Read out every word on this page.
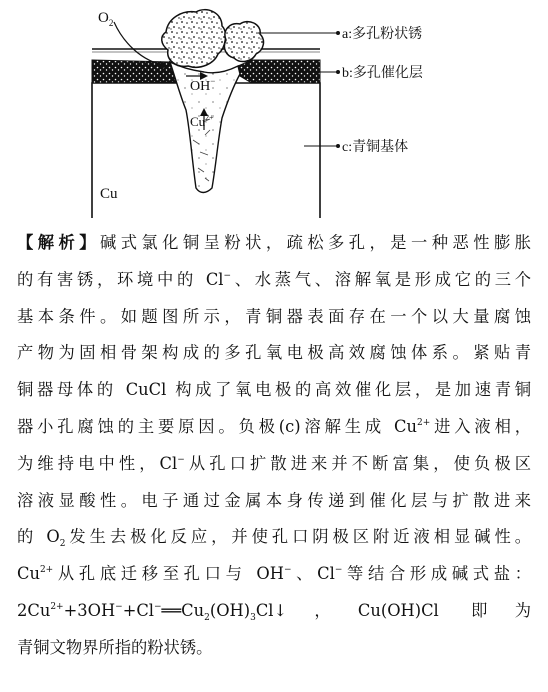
$O_2$
OH−
$Cu^{2+}$
Cu
a:多孔粉状锈
b:多孔催化层
c:青铜基体
【解析】碱式氯化铜呈粉状，疏松多孔，是一种恶性膨胀
的有害锈，环境中的 Cl−、水蒸气、溶解氧是形成它的三个
基本条件。如题图所示，青铜器表面存在一个以大量腐蚀
产物为固相骨架构成的多孔氧电极高效腐蚀体系。紧贴青
铜器母体的 CuCl 构成了氧电极的高效催化层，是加速青铜
器小孔腐蚀的主要原因。负极(c)溶解生成 $Cu^{2+}$进入液相，
为维持电中性，Cl−从孔口扩散进来并不断富集，使负极区
溶液显酸性。电子通过金属本身传递到催化层与扩散进来
的 $O_2$发生去极化反应，并使孔口阴极区附近液相显碱性。
$Cu^{2+}$从孔底迁移至孔口与 OH−、Cl−等结合形成碱式盐：
$2Cu^{2+}+3OH^-+Cl^-══Cu_2(OH)_3Cl↓$，Cu(OH)Cl 即为
青铜文物界所指的粉状锈。
